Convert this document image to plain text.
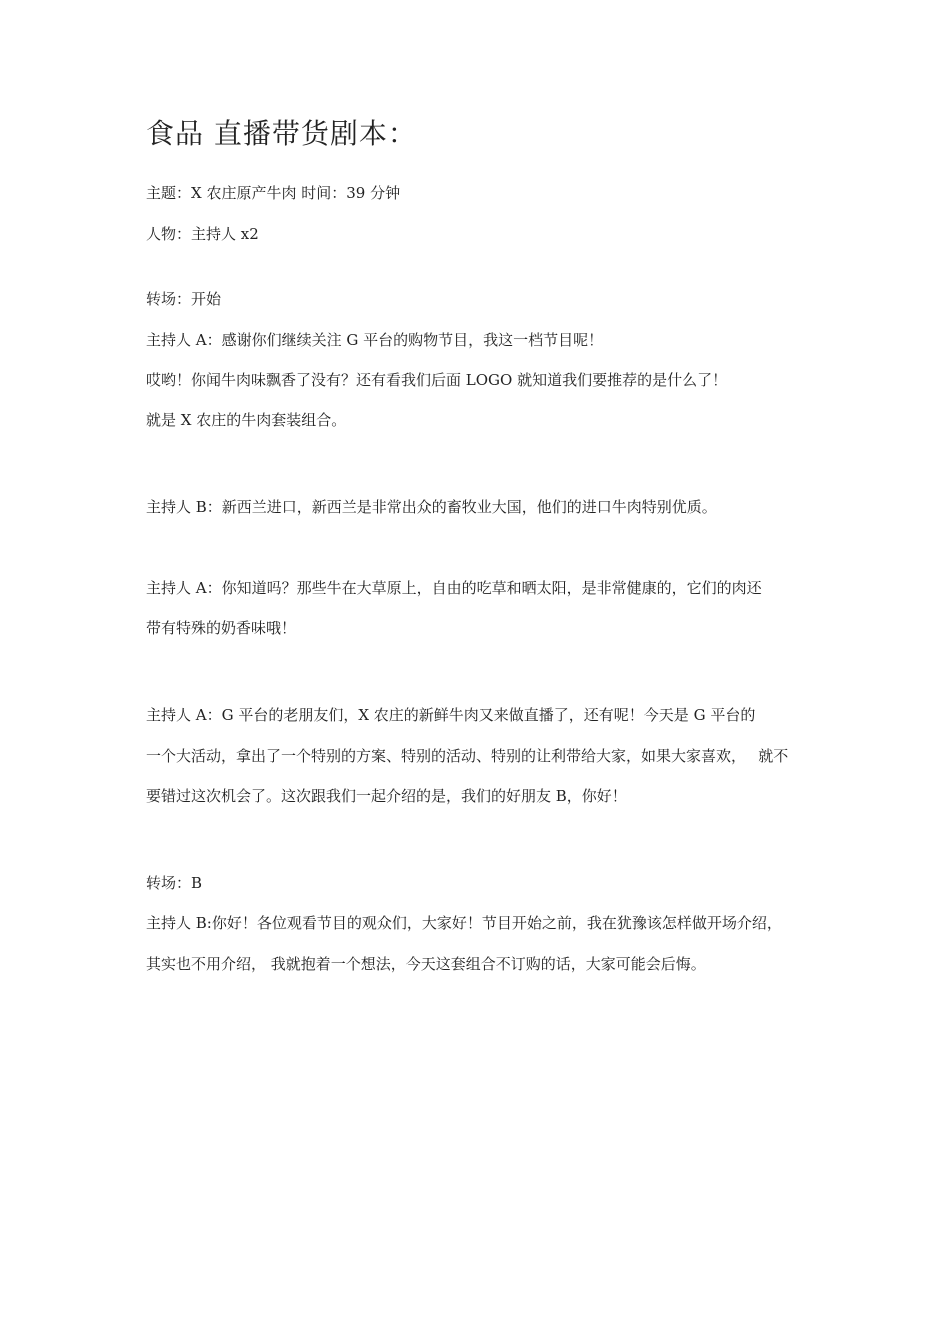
食品 直播带货剧本：

主题：X 农庄原产牛肉 时间：39 分钟

人物：主持人 x2

转场：开始

主持人 A：感谢你们继续关注 G 平台的购物节目，我这一档节目呢！

哎哟！你闻牛肉味飘香了没有？还有看我们后面 LOGO 就知道我们要推荐的是什么了！

就是 X 农庄的牛肉套装组合。

主持人 B：新西兰进口，新西兰是非常出众的畜牧业大国，他们的进口牛肉特别优质。

主持人 A：你知道吗？那些牛在大草原上，自由的吃草和晒太阳，是非常健康的，它们的肉还

带有特殊的奶香味哦！

主持人 A：G 平台的老朋友们，X 农庄的新鲜牛肉又来做直播了，还有呢！今天是 G 平台的

一个大活动，拿出了一个特别的方案、特别的活动、特别的让利带给大家，如果大家喜欢，　 就不

要错过这次机会了。这次跟我们一起介绍的是，我们的好朋友 B，你好！

转场：B

主持人 B:你好！各位观看节目的观众们，大家好！节目开始之前，我在犹豫该怎样做开场介绍，

其实也不用介绍， 我就抱着一个想法，今天这套组合不订购的话，大家可能会后悔。
